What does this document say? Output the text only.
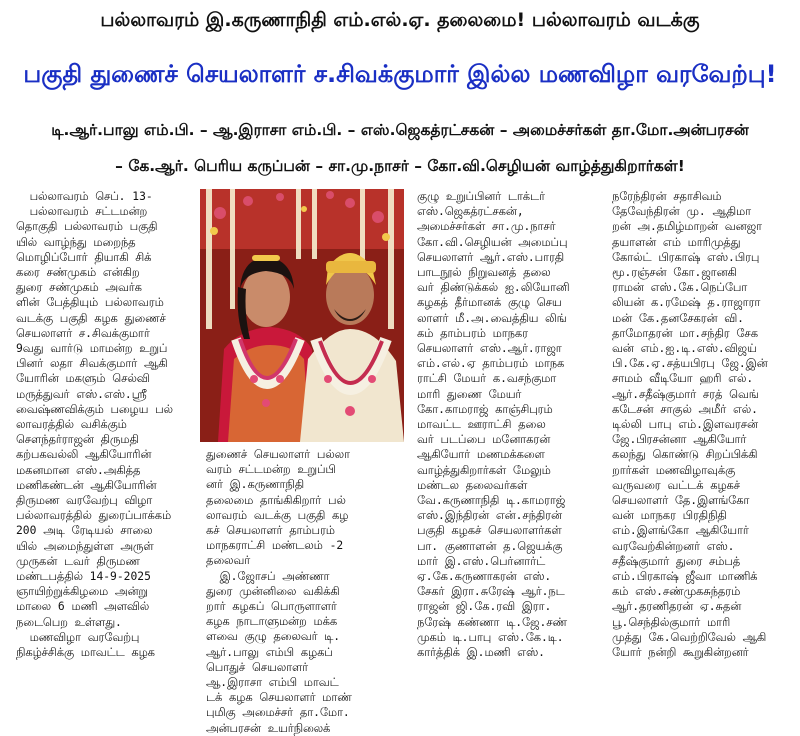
பல்லாவரம் இ.கருணாநிதி எம்.எல்.ஏ. தலைமை! பல்லாவரம் வடக்கு
பகுதி துணைச் செயலாளர் ச.சிவக்குமார் இல்ல மணவிழா வரவேற்பு!
டி.ஆர்.பாலு எம்.பி. – ஆ.இராசா எம்.பி. – எஸ்.ஜெகத்ரட்சகன் – அமைச்சர்கள் தா.மோ.அன்பரசன்
– கே.ஆர். பெரிய கருப்பன் – சா.மு.நாசர் – கோ.வி.செழியன் வாழ்த்துகிறார்கள்!
பல்லாவரம் செப். 13-
பல்லாவரம் சட்டமன்ற
தொகுதி பல்லாவரம் பகுதி
யில் வாழ்ந்து மறைந்த
மொழிப்போர் தியாகி சிக்
கரை சண்முகம் என்கிற
துரை சண்முகம் அவர்க
ளின் பேத்தியும் பல்லாவரம்
வடக்கு பகுதி கழக துணைச்
செயலாளர் ச.சிவக்குமார்
9வது வார்டு மாமன்ற உறுப்
பினர் லதா சிவக்குமார் ஆகி
யோரின் மகளும் செல்வி
மருத்துவர் எஸ்.எஸ்.ஸ்ரீ
வைஷ்ணவிக்கும் பழைய பல்
லாவரத்தில் வசிக்கும்
சௌந்தர்ராஜன் திருமதி
கற்பகவல்லி ஆகியோரின்
மகனமான எஸ்.அகித்த
மணிகண்டன் ஆகியோரின்
திருமண வரவேற்பு விழா
பல்லாவரத்தில் துரைப்பாக்கம்
200 அடி ரேடியல் சாலை
யில் அமைந்துள்ள அருள்
முருகன் டவர் திருமண
மண்டபத்தில் 14-9-2025
ஞாயிற்றுக்கிழமை அன்று
மாலை 6 மணி அளவில்
நடைபெற உள்ளது.
மணவிழா வரவேற்பு
நிகழ்ச்சிக்கு மாவட்ட கழக
துணைச் செயலாளர் பல்லா
வரம் சட்டமன்ற உறுப்பி
னர் இ.கருணாநிதி
தலைமை தாங்கிகிறார் பல்
லாவரம் வடக்கு பகுதி கழ
கச் செயலாளர் தாம்பரம்
மாநகராட்சி மண்டலம் -2
தலைவர்
இ.ஜோசப் அண்ணா
துரை முன்னிலை வகிக்கி
றார் கழகப் பொருளாளர்
கழக நாடாளுமன்ற மக்க
ளவை குழு தலைவர் டி.
ஆர்.பாலு எம்பி கழகப்
பொதுச் செயலாளர்
ஆ.இராசா எம்பி மாவட்
டக் கழக செயலாளர் மாண்
புமிகு அமைச்சர் தா.மோ.
அன்பரசன் உயர்நிலைக்
குழு உறுப்பினர் டாக்டர்
எஸ்.ஜெகத்ரட்சகன்,
அமைச்சர்கள் சா.மு.நாசர்
கோ.வி.செழியன் அமைப்பு
செயலாளர் ஆர்.எஸ்.பாரதி
பாடநூல் நிறுவனத் தலை
வர் திண்டுக்கல் ஐ.லியோனி
கழகத் தீர்மானக் குழு செய
லாளர் மீ.அ.வைத்திய லிங்
கம் தாம்பரம் மாநகர
செயலாளர் எஸ்.ஆர்.ராஜா
எம்.எல்.ஏ தாம்பரம் மாநக
ராட்சி மேயர் க.வசந்குமா
மாரி துணை மேயர்
கோ.காமராஜ் காஞ்சிபுரம்
மாவட்ட ஊராட்சி தலை
வர் படப்பை மனோகரன்
ஆகியோர் மணமக்களை
வாழ்த்துகிறார்கள் மேலும்
மண்டல தலைவர்கள்
வே.கருணாநிதி டி.காமராஜ்
எஸ்.இந்திரன் என்.சந்திரன்
பகுதி கழகச் செயலாளர்கள்
பா. குணாளன் த.ஜெயக்கு
மார் இ.எஸ்.பெர்னார்ட்
ஏ.கே.கருணாகரன் எஸ்.
சேகர் இரா.சுரேஷ் ஆர்.நட
ராஜன் ஜி.கே.ரவி இரா.
நரேஷ் கண்ணா டி.ஜே.சண்
முகம் டி.பாபு எஸ்.கே.டி.
கார்த்திக் இ.மணி எஸ்.
நரேந்திரன் சதாசிவம்
தேவேந்திரன் மு. ஆதிமா
றன் அ.தமிழ்மாறன் வனஜா
தயாளன் எம் மாரிமுத்து
கோல்ட் பிரகாஷ் எஸ்.பிரபு
மூ.ரஞ்சன் கோ.ஜானகி
ராமன் எஸ்.கே.நெப்போ
லியன் க.ரமேஷ் த.ராஜாரா
மன் கே.தனசேகரன் வி.
தாமோதரன் மா.சந்திர சேக
வன் எம்.ஐ.டி.எஸ்.விஜய்
பி.கே.ஏ.சத்யபிரபு ஜே.இன்
சாமம் வீடியோ ஹரி எல்.
ஆர்.சதீஷ்குமார் சரத் வெங்
கடேசன் சாகுல் அமீர் எல்.
டில்லி பாபு எம்.இளவரசன்
ஜே.பிரசன்னா ஆகியோர்
கலந்து கொண்டு சிறப்பிக்கி
றார்கள் மணவிழாவுக்கு
வருவரை வட்டக் கழகச்
செயலாளர் தே.இளங்கோ
வன் மாநகர பிரதிநிதி
எம்.இளங்கோ ஆகியோர்
வரவேற்கின்றனர் எஸ்.
சதீஷ்குமார் துரை சம்பத்
எம்.பிரகாஷ் ஜீவா மாணிக்
கம் எஸ்.சண்முகசுந்தரம்
ஆர்.தரணிதரன் ஏ.சுதன்
பூ.செந்தில்குமார் மாரி
முத்து கே.வெற்றிவேல் ஆகி
யோர் நன்றி கூறுகின்றனர்
